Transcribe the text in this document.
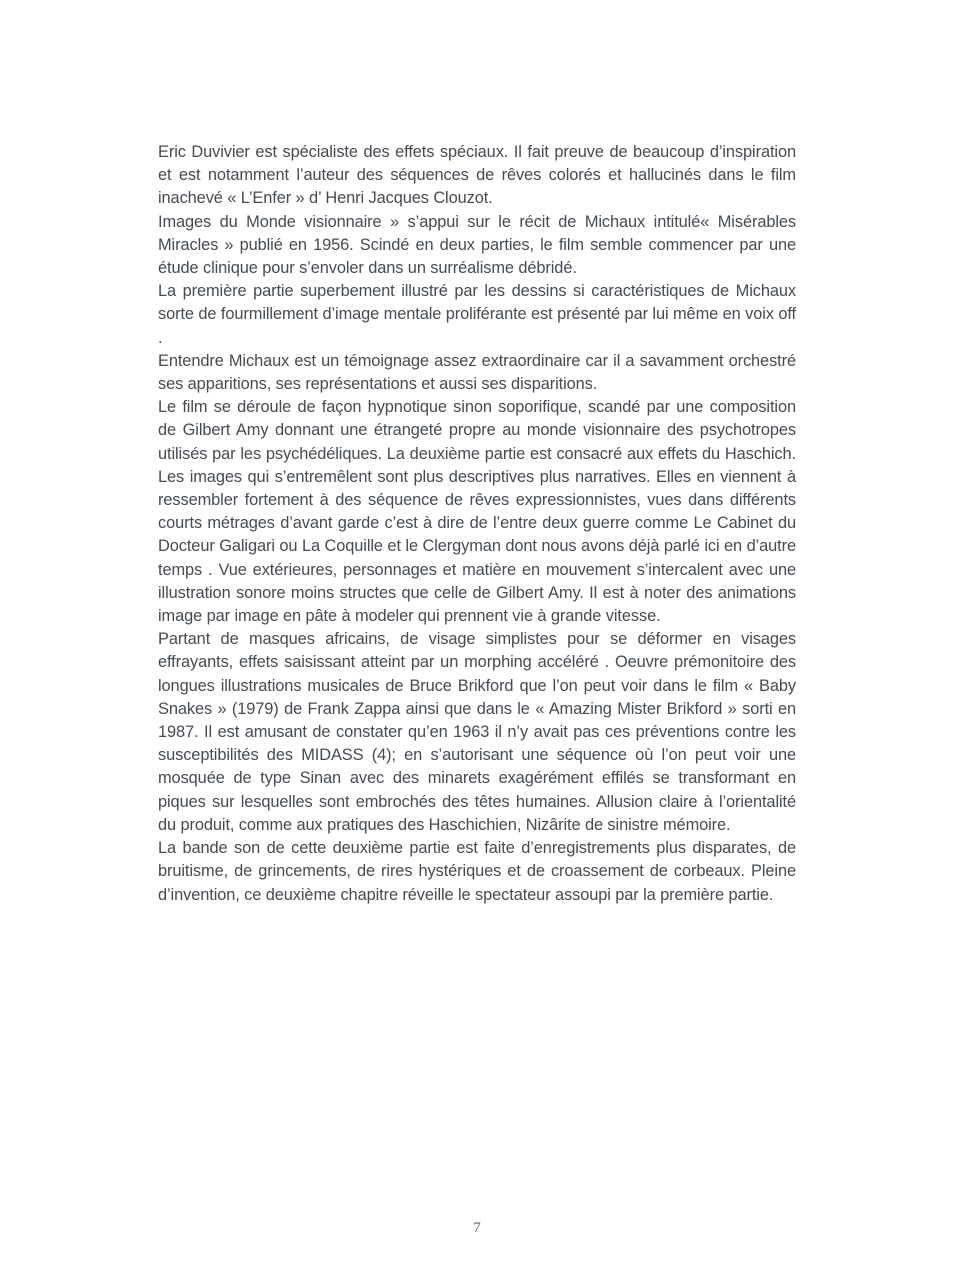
Eric Duvivier est spécialiste des effets spéciaux. Il fait preuve de beaucoup d’inspiration et est notamment l’auteur des séquences de rêves colorés et hallucinés dans le film inachevé « L’Enfer » d’ Henri Jacques Clouzot.

Images du Monde visionnaire » s’appui sur le récit de Michaux intitulé« Misérables Miracles » publié en 1956. Scindé en deux parties, le film semble commencer par une étude clinique pour s’envoler dans un surréalisme débridé.

La première partie superbement illustré par les dessins si caractéristiques de Michaux sorte de fourmillement d’image mentale proliférante est présenté par lui même en voix off .

Entendre Michaux est un témoignage assez extraordinaire car il a savamment orchestré ses apparitions, ses représentations et aussi ses disparitions.

Le film se déroule de façon hypnotique sinon soporifique, scandé par une composition de Gilbert Amy donnant une étrangeté propre au monde visionnaire des psychotropes utilisés par les psychédéliques. La deuxième partie est consacré aux effets du Haschich. Les images qui s’entremêlent sont plus descriptives plus narratives. Elles en viennent à ressembler fortement à des séquence de rêves expressionnistes, vues dans différents courts métrages d’avant garde c’est à dire de l’entre deux guerre comme Le Cabinet du Docteur Galigari ou La Coquille et le Clergyman dont nous avons déjà parlé ici en d’autre temps . Vue extérieures, personnages et matière en mouvement s’intercalent avec une illustration sonore moins structes que celle de Gilbert Amy. Il est à noter des animations image par image en pâte à modeler qui prennent vie à grande vitesse.

Partant de masques africains, de visage simplistes pour se déformer en visages effrayants, effets saisissant atteint par un morphing accéléré . Oeuvre prémonitoire des longues illustrations musicales de Bruce Brikford que l’on peut voir dans le film « Baby Snakes » (1979) de Frank Zappa ainsi que dans le « Amazing Mister Brikford » sorti en 1987. Il est amusant de constater qu’en 1963 il n’y avait pas ces préventions contre les susceptibilités des MIDASS (4); en s’autorisant une séquence où l’on peut voir une mosquée de type Sinan avec des minarets exagérément effilés se transformant en piques sur lesquelles sont embrochés des têtes humaines. Allusion claire à l’orientalité du produit, comme aux pratiques des Haschichien, Nizârite de sinistre mémoire.

La bande son de cette deuxième partie est faite d’enregistrements plus disparates, de bruitisme, de grincements, de rires hystériques et de croassement de corbeaux. Pleine d’invention, ce deuxième chapitre réveille le spectateur assoupi par la première partie.

7
